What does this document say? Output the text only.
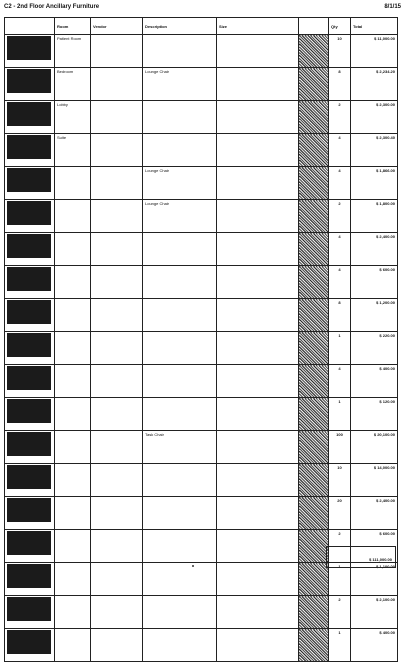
C2 - 2nd Floor Ancillary Furniture	8/1/15
	Room	Vendor	Description	Size		Qty	Total

	Patient Room					10	$ 11,000.00

	Bedroom		Lounge Chair			8	$ 2,234.20

	Lobby					2	$ 2,300.00

	Suite					4	$ 2,300.40

			Lounge Chair			4	$ 1,866.00

			Lounge Chair			2	$ 1,800.00

						4	$ 2,400.00

						4	$ 600.00

						8	$ 1,200.00

						1	$ 220.00

						4	$ 400.00

						1	$ 120.00

			Task Chair			100	$ 20,100.00

						10	$ 14,000.00

						20	$ 2,400.00

						2	$ 600.00

						1	$ 1,100.00

						2	$ 2,100.00

						1	$ 400.00
$ 111,000.00
